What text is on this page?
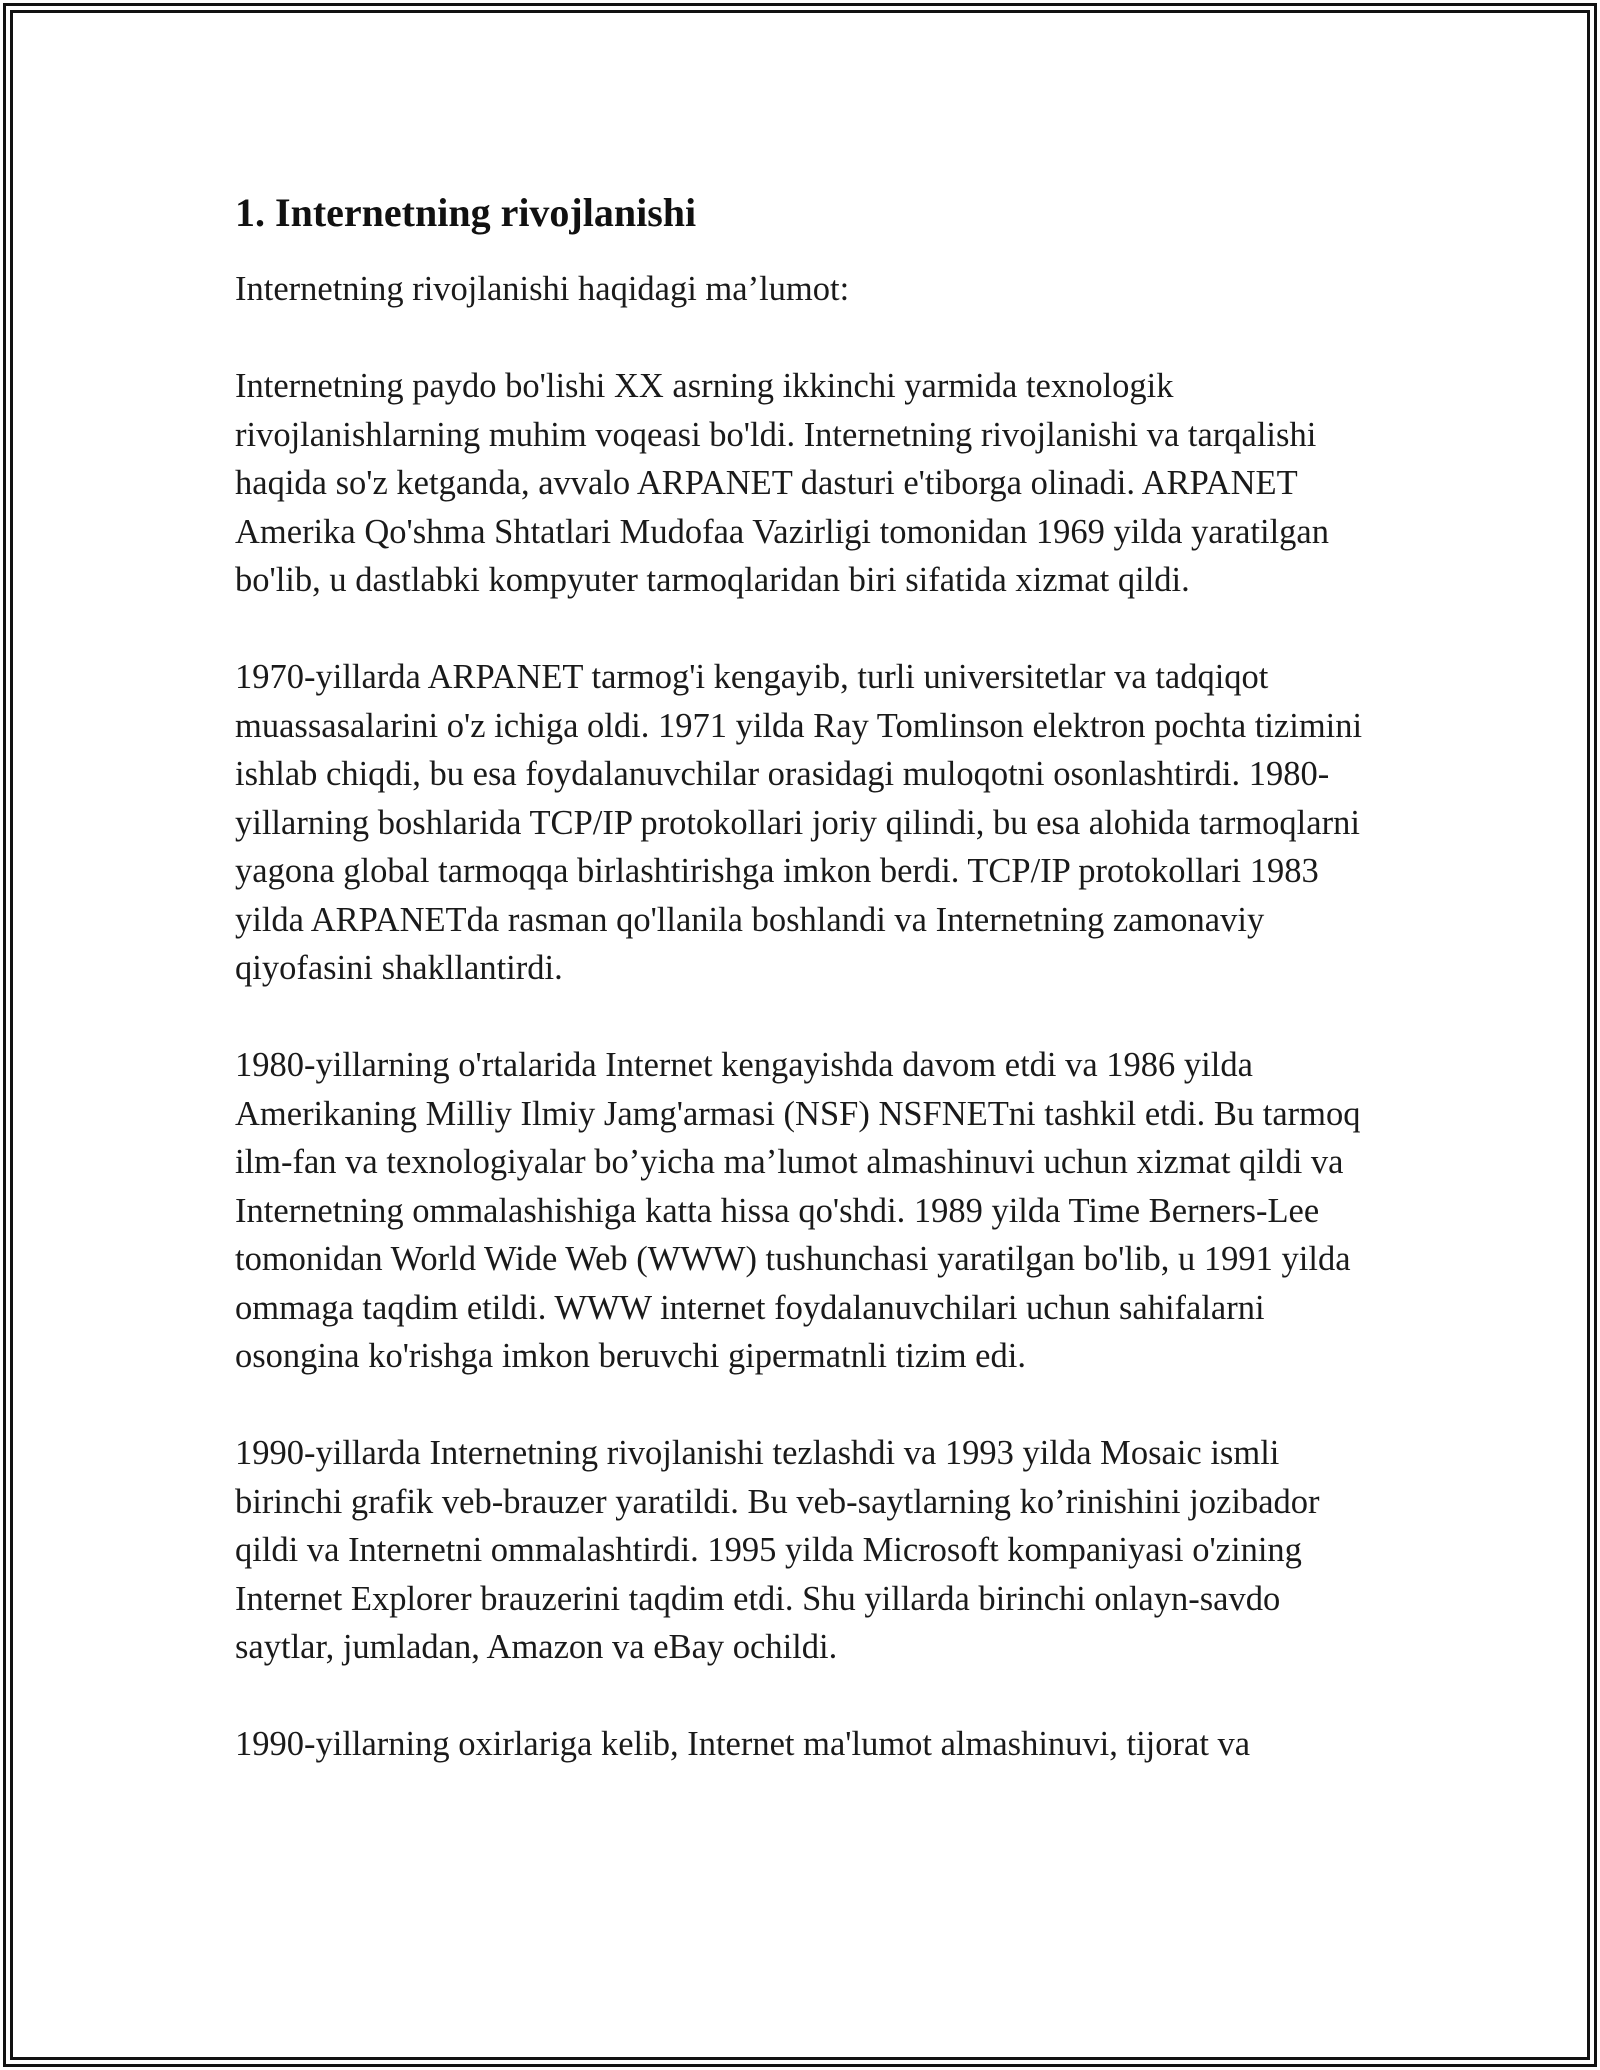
1. Internetning rivojlanishi

Internetning rivojlanishi haqidagi ma’lumot:

Internetning paydo bo'lishi XX asrning ikkinchi yarmida texnologik rivojlanishlarning muhim voqeasi bo'ldi. Internetning rivojlanishi va tarqalishi haqida so'z ketganda, avvalo ARPANET dasturi e'tiborga olinadi. ARPANET Amerika Qo'shma Shtatlari Mudofaa Vazirligi tomonidan 1969 yilda yaratilgan bo'lib, u dastlabki kompyuter tarmoqlaridan biri sifatida xizmat qildi.

1970-yillarda ARPANET tarmog'i kengayib, turli universitetlar va tadqiqot muassasalarini o'z ichiga oldi. 1971 yilda Ray Tomlinson elektron pochta tizimini ishlab chiqdi, bu esa foydalanuvchilar orasidagi muloqotni osonlashtirdi. 1980-yillarning boshlarida TCP/IP protokollari joriy qilindi, bu esa alohida tarmoqlarni yagona global tarmoqqa birlashtirishga imkon berdi. TCP/IP protokollari 1983 yilda ARPANETda rasman qo'llanila boshlandi va Internetning zamonaviy qiyofasini shakllantirdi.

1980-yillarning o'rtalarida Internet kengayishda davom etdi va 1986 yilda Amerikaning Milliy Ilmiy Jamg'armasi (NSF) NSFNETni tashkil etdi. Bu tarmoq ilm-fan va texnologiyalar bo’yicha ma’lumot almashinuvi uchun xizmat qildi va Internetning ommalashishiga katta hissa qo'shdi. 1989 yilda Time Berners-Lee tomonidan World Wide Web (WWW) tushunchasi yaratilgan bo'lib, u 1991 yilda ommaga taqdim etildi. WWW internet foydalanuvchilari uchun sahifalarni osongina ko'rishga imkon beruvchi gipermatnli tizim edi.

1990-yillarda Internetning rivojlanishi tezlashdi va 1993 yilda Mosaic ismli birinchi grafik veb-brauzer yaratildi. Bu veb-saytlarning ko’rinishini jozibador qildi va Internetni ommalashtirdi. 1995 yilda Microsoft kompaniyasi o'zining Internet Explorer brauzerini taqdim etdi. Shu yillarda birinchi onlayn-savdo saytlar, jumladan, Amazon va eBay ochildi.

1990-yillarning oxirlariga kelib, Internet ma'lumot almashinuvi, tijorat va
